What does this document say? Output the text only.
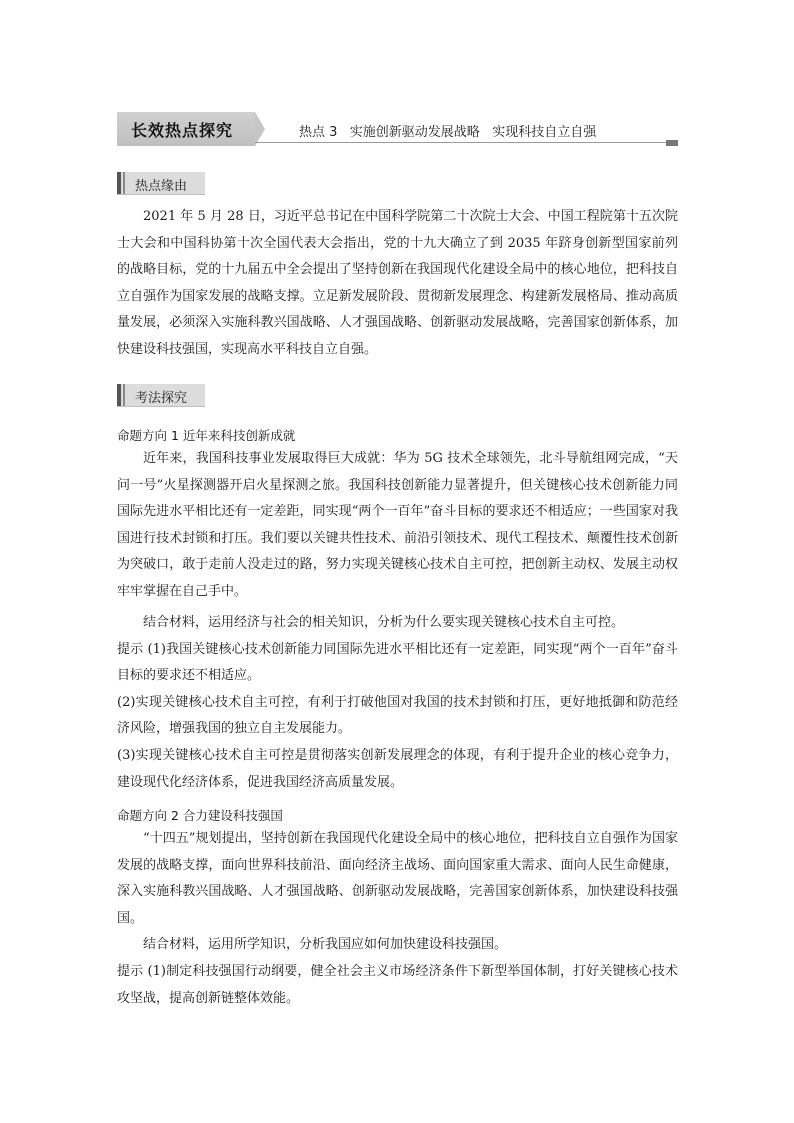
长效热点探究	热点 3   实施创新驱动发展战略   实现科技自立自强
热点缘由

2021 年 5 月 28 日，习近平总书记在中国科学院第二十次院士大会、中国工程院第十五次院士大会和中国科协第十次全国代表大会指出，党的十九大确立了到 2035 年跻身创新型国家前列的战略目标，党的十九届五中全会提出了坚持创新在我国现代化建设全局中的核心地位，把科技自立自强作为国家发展的战略支撑。立足新发展阶段、贯彻新发展理念、构建新发展格局、推动高质量发展，必须深入实施科教兴国战略、人才强国战略、创新驱动发展战略，完善国家创新体系，加快建设科技强国，实现高水平科技自立自强。

考法探究
命题方向 1 近年来科技创新成就

近年来，我国科技事业发展取得巨大成就：华为 5G 技术全球领先，北斗导航组网完成，“天问一号”火星探测器开启火星探测之旅。我国科技创新能力显著提升，但关键核心技术创新能力同国际先进水平相比还有一定差距，同实现“两个一百年”奋斗目标的要求还不相适应；一些国家对我国进行技术封锁和打压。我们要以关键共性技术、前沿引领技术、现代工程技术、颠覆性技术创新为突破口，敢于走前人没走过的路，努力实现关键核心技术自主可控，把创新主动权、发展主动权牢牢掌握在自己手中。

结合材料，运用经济与社会的相关知识，分析为什么要实现关键核心技术自主可控。

提示 (1)我国关键核心技术创新能力同国际先进水平相比还有一定差距，同实现“两个一百年”奋斗目标的要求还不相适应。

(2)实现关键核心技术自主可控，有利于打破他国对我国的技术封锁和打压，更好地抵御和防范经济风险，增强我国的独立自主发展能力。

(3)实现关键核心技术自主可控是贯彻落实创新发展理念的体现，有利于提升企业的核心竞争力，建设现代化经济体系，促进我国经济高质量发展。

命题方向 2 合力建设科技强国

“十四五”规划提出，坚持创新在我国现代化建设全局中的核心地位，把科技自立自强作为国家发展的战略支撑，面向世界科技前沿、面向经济主战场、面向国家重大需求、面向人民生命健康，深入实施科教兴国战略、人才强国战略、创新驱动发展战略，完善国家创新体系，加快建设科技强国。

结合材料，运用所学知识，分析我国应如何加快建设科技强国。

提示 (1)制定科技强国行动纲要，健全社会主义市场经济条件下新型举国体制，打好关键核心技术攻坚战，提高创新链整体效能。
